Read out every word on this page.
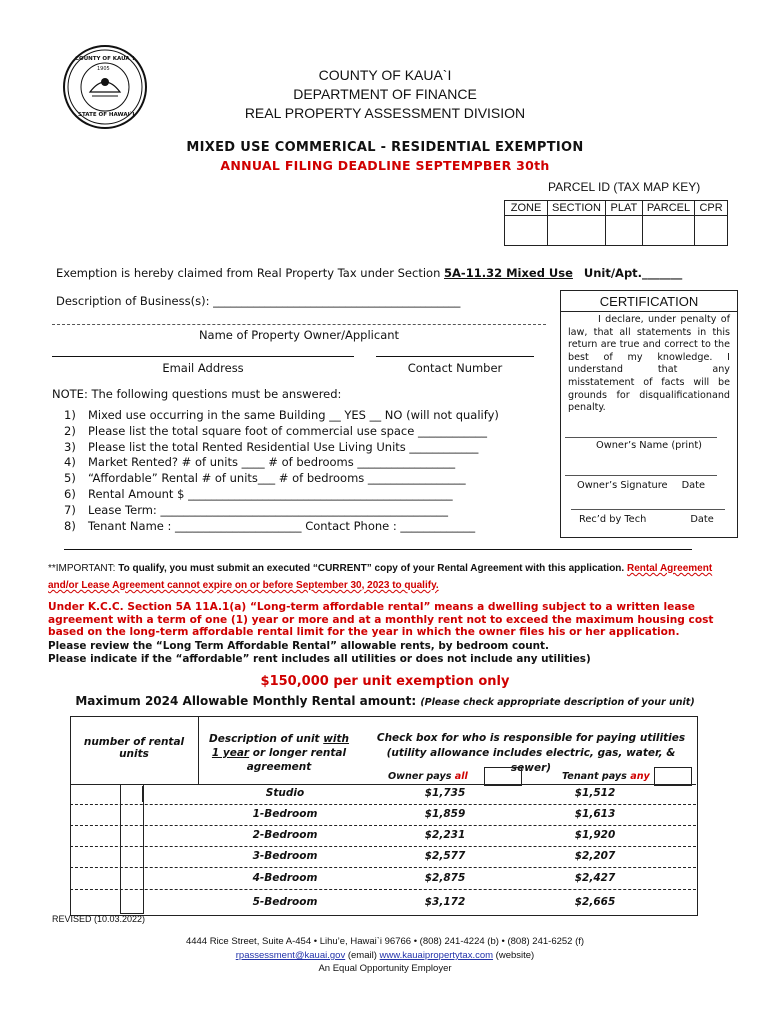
COUNTY OF KAUA`I
STATE OF HAWAI`I
1905	COUNTY OF KAUA`I
DEPARTMENT OF FINANCE
REAL PROPERTY ASSESSMENT DIVISION
MIXED USE COMMERICAL - RESIDENTIAL EXEMPTION
ANNUAL FILING DEADLINE SEPTEMPBER 30th
PARCEL ID (TAX MAP KEY)
ZONE	SECTION	PLAT	PARCEL	CPR

Exemption is hereby claimed from Real Property Tax under Section 5A-11.32 Mixed Use Unit/Apt._______
Description of Business(s): ___________________________________________
Name of Property Owner/Applicant
Email Address	Contact Number
NOTE: The following questions must be answered:
1) Mixed use occurring in the same Building __ YES __ NO (will not qualify)
2) Please list the total square foot of commercial use space ____________
3) Please list the total Rented Residential Use Living Units ____________
4) Market Rented? # of units ____ # of bedrooms _________________
5) “Affordable” Rental # of units___ # of bedrooms _________________
6) Rental Amount $ ______________________________________________
7) Lease Term: __________________________________________________
8) Tenant Name : ______________________ Contact Phone : _____________
CERTIFICATION
I declare, under penalty of law, that all statements in this return are true and correct to the best of my knowledge. I understand that any misstatement of facts will be grounds for disqualificationand penalty.
Owner’s Name (print)
Owner’s Signature Date
Rec’d by Tech	Date
**IMPORTANT: To qualify, you must submit an executed “CURRENT” copy of your Rental Agreement with this application. Rental Agreement and/or Lease Agreement cannot expire on or before September 30, 2023 to qualify.
Under K.C.C. Section 5A 11A.1(a) “Long-term affordable rental” means a dwelling subject to a written lease agreement with a term of one (1) year or more and at a monthly rent not to exceed the maximum housing cost based on the long-term affordable rental limit for the year in which the owner files his or her application.
Please review the “Long Term Affordable Rental” allowable rents, by bedroom count.
Please indicate if the “affordable” rent includes all utilities or does not include any utilities)
$150,000 per unit exemption only
Maximum 2024 Allowable Monthly Rental amount: (Please check appropriate description of your unit)
number of rental units
Description of unit with
1 year or longer rental agreement
Check box for who is responsible for paying utilities (utility allowance includes electric, gas, water, & sewer)
Owner pays all	Tenant pays any
Studio	$1,735	$1,512
1-Bedroom	$1,859	$1,613
2-Bedroom	$2,231	$1,920
3-Bedroom	$2,577	$2,207
4-Bedroom	$2,875	$2,427
5-Bedroom	$3,172	$2,665
REVISED (10.03.2022)
4444 Rice Street, Suite A-454 • Lihu’e, Hawai`i 96766 • (808) 241-4224 (b) • (808) 241-6252 (f)
rpassessment@kauai.gov (email) www.kauaipropertytax.com (website)
An Equal Opportunity Employer
